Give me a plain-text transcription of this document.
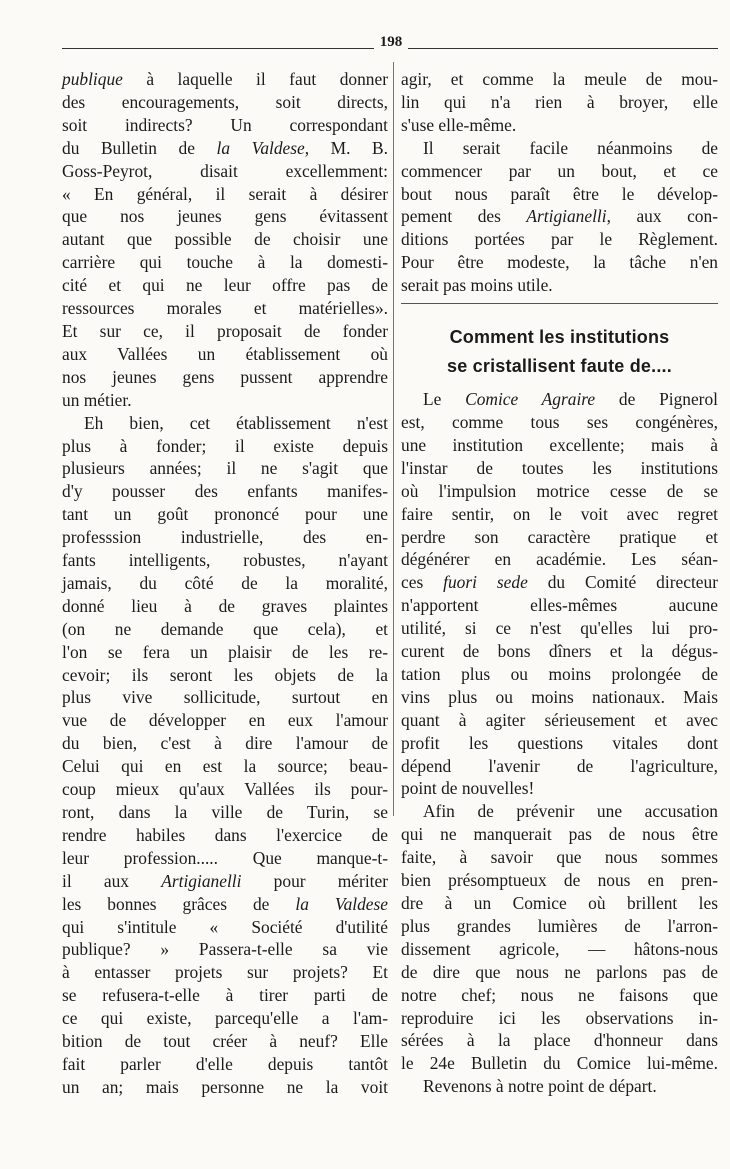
198
publique à laquelle il faut donner
des encouragements, soit directs,
soit indirects? Un correspondant
du Bulletin de la Valdese, M. B.
Goss-Peyrot, disait excellemment:
« En général, il serait à désirer
que nos jeunes gens évitassent
autant que possible de choisir une
carrière qui touche à la domesti-
cité et qui ne leur offre pas de
ressources morales et matérielles».
Et sur ce, il proposait de fonder
aux Vallées un établissement où
nos jeunes gens pussent apprendre
un métier.
Eh bien, cet établissement n'est
plus à fonder; il existe depuis
plusieurs années; il ne s'agit que
d'y pousser des enfants manifes-
tant un goût prononcé pour une
professsion industrielle, des en-
fants intelligents, robustes, n'ayant
jamais, du côté de la moralité,
donné lieu à de graves plaintes
(on ne demande que cela), et
l'on se fera un plaisir de les re-
cevoir; ils seront les objets de la
plus vive sollicitude, surtout en
vue de développer en eux l'amour
du bien, c'est à dire l'amour de
Celui qui en est la source; beau-
coup mieux qu'aux Vallées ils pour-
ront, dans la ville de Turin, se
rendre habiles dans l'exercice de
leur profession..... Que manque-t-
il aux Artigianelli pour mériter
les bonnes grâces de la Valdese
qui s'intitule « Société d'utilité
publique? » Passera-t-elle sa vie
à entasser projets sur projets? Et
se refusera-t-elle à tirer parti de
ce qui existe, parcequ'elle a l'am-
bition de tout créer à neuf? Elle
fait parler d'elle depuis tantôt
un an; mais personne ne la voit
agir, et comme la meule de mou-
lin qui n'a rien à broyer, elle
s'use elle-même.
Il serait facile néanmoins de
commencer par un bout, et ce
bout nous paraît être le dévelop-
pement des Artigianelli, aux con-
ditions portées par le Règlement.
Pour être modeste, la tâche n'en
serait pas moins utile.
Comment les institutions
se cristallisent faute de....
Le Comice Agraire de Pignerol
est, comme tous ses congénères,
une institution excellente; mais à
l'instar de toutes les institutions
où l'impulsion motrice cesse de se
faire sentir, on le voit avec regret
perdre son caractère pratique et
dégénérer en académie. Les séan-
ces fuori sede du Comité directeur
n'apportent elles-mêmes aucune
utilité, si ce n'est qu'elles lui pro-
curent de bons dîners et la dégus-
tation plus ou moins prolongée de
vins plus ou moins nationaux. Mais
quant à agiter sérieusement et avec
profit les questions vitales dont
dépend l'avenir de l'agriculture,
point de nouvelles!
Afin de prévenir une accusation
qui ne manquerait pas de nous être
faite, à savoir que nous sommes
bien présomptueux de nous en pren-
dre à un Comice où brillent les
plus grandes lumières de l'arron-
dissement agricole, — hâtons-nous
de dire que nous ne parlons pas de
notre chef; nous ne faisons que
reproduire ici les observations in-
sérées à la place d'honneur dans
le 24e Bulletin du Comice lui-même.
Revenons à notre point de départ.
